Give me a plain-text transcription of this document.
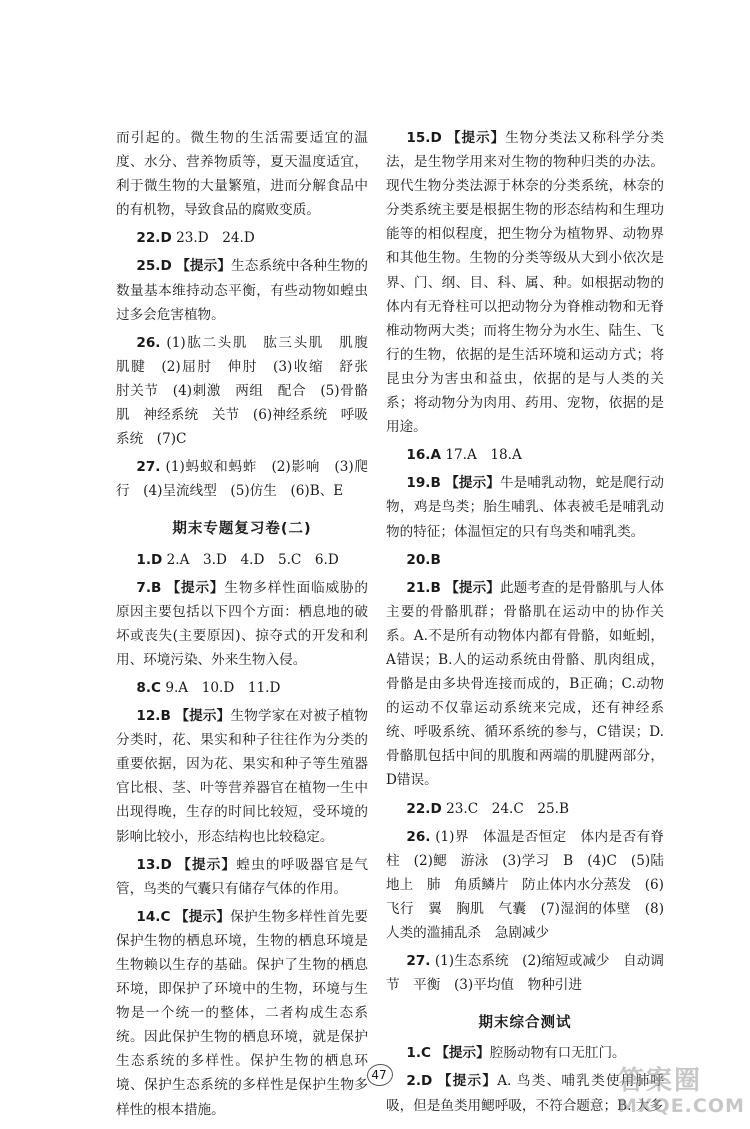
而引起的。微生物的生活需要适宜的温度、水分、营养物质等，夏天温度适宜，利于微生物的大量繁殖，进而分解食品中的有机物，导致食品的腐败变质。
22.D 23.D　24.D
25.D 【提示】生态系统中各种生物的数量基本维持动态平衡，有些动物如蝗虫过多会危害植物。
26. (1)肱二头肌　肱三头肌　肌腹　肌腱　(2)屈肘　伸肘　(3)收缩　舒张　肘关节　(4)刺激　两组　配合　(5)骨骼肌　神经系统　关节　(6)神经系统　呼吸系统　(7)C
27. (1)蚂蚁和蚂蚱　(2)影响　(3)爬行　(4)呈流线型　(5)仿生　(6)B、E
期末专题复习卷(二)
1.D 2.A　3.D　4.D　5.C　6.D
7.B 【提示】生物多样性面临威胁的原因主要包括以下四个方面：栖息地的破坏或丧失(主要原因)、掠夺式的开发和利用、环境污染、外来生物入侵。
8.C 9.A　10.D　11.D
12.B 【提示】生物学家在对被子植物分类时，花、果实和种子往往作为分类的重要依据，因为花、果实和种子等生殖器官比根、茎、叶等营养器官在植物一生中出现得晚，生存的时间比较短，受环境的影响比较小，形态结构也比较稳定。
13.D 【提示】蝗虫的呼吸器官是气管，鸟类的气囊只有储存气体的作用。
14.C 【提示】保护生物多样性首先要保护生物的栖息环境，生物的栖息环境是生物赖以生存的基础。保护了生物的栖息环境，即保护了环境中的生物，环境与生物是一个统一的整体，二者构成生态系统。因此保护生物的栖息环境，就是保护生态系统的多样性。保护生物的栖息环境、保护生态系统的多样性是保护生物多样性的根本措施。
15.D 【提示】生物分类法又称科学分类法，是生物学用来对生物的物种归类的办法。现代生物分类法源于林奈的分类系统，林奈的分类系统主要是根据生物的形态结构和生理功能等的相似程度，把生物分为植物界、动物界和其他生物。生物的分类等级从大到小依次是界、门、纲、目、科、属、种。如根据动物的体内有无脊柱可以把动物分为脊椎动物和无脊椎动物两大类；而将生物分为水生、陆生、飞行的生物，依据的是生活环境和运动方式；将昆虫分为害虫和益虫，依据的是与人类的关系；将动物分为肉用、药用、宠物，依据的是用途。
16.A 17.A　18.A
19.B 【提示】牛是哺乳动物，蛇是爬行动物，鸡是鸟类；胎生哺乳、体表被毛是哺乳动物的特征；体温恒定的只有鸟类和哺乳类。
20.B
21.B 【提示】此题考查的是骨骼肌与人体主要的骨骼肌群；骨骼肌在运动中的协作关系。A.不是所有动物体内都有骨骼，如蚯蚓，A错误；B.人的运动系统由骨骼、肌肉组成，骨骼是由多块骨连接而成的，B正确；C.动物的运动不仅靠运动系统来完成，还有神经系统、呼吸系统、循环系统的参与，C错误；D.骨骼肌包括中间的肌腹和两端的肌腱两部分，D错误。
22.D 23.C　24.C　25.B
26. (1)界　体温是否恒定　体内是否有脊柱　(2)鳃　游泳　(3)学习　B　(4)C　(5)陆地上　肺　角质鳞片　防止体内水分蒸发　(6)飞行　翼　胸肌　气囊　(7)湿润的体壁　(8)人类的滥捕乱杀　急剧减少
27. (1)生态系统　(2)缩短或减少　自动调节　平衡　(3)平均值　物种引进
期末综合测试
1.C 【提示】腔肠动物有口无肛门。
2.D 【提示】A. 鸟类、哺乳类使用肺呼吸，但是鱼类用鳃呼吸，不符合题意；B. 大多
47	答案圈
MXQE.COM
